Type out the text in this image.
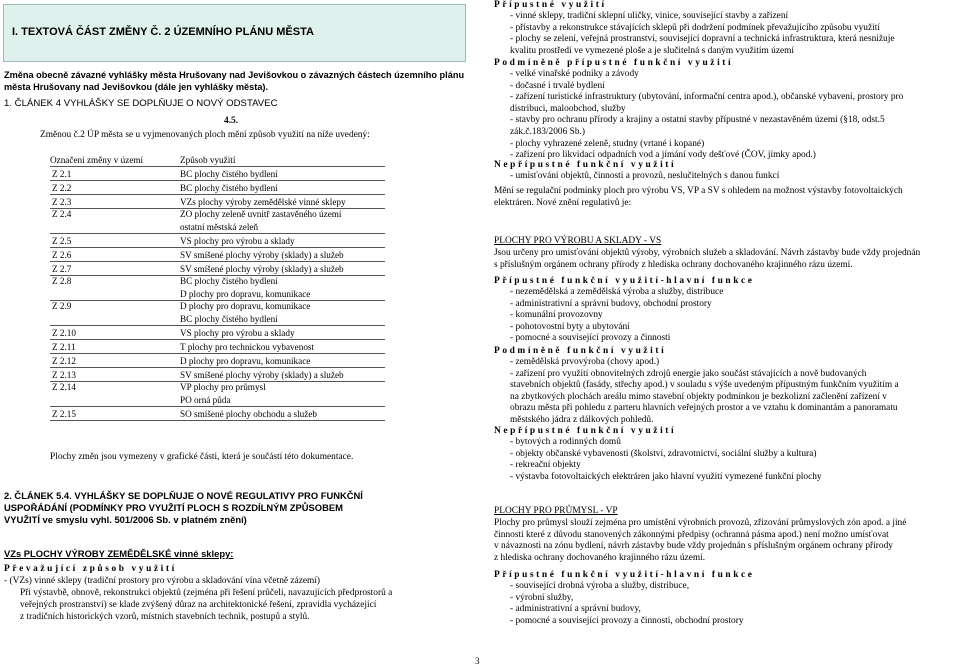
I. TEXTOVÁ ČÁST ZMĚNY Č. 2 ÚZEMNÍHO PLÁNU MĚSTA
Změna obecně závazné vyhlášky města Hrušovany nad Jevišovkou o závazných částech územního plánu
města Hrušovany nad Jevišovkou (dále jen vyhlášky města).
1. ČLÁNEK 4 VYHLÁŠKY SE DOPLŇUJE O NOVÝ ODSTAVEC
4.5.
Změnou č.2 ÚP města se u vyjmenovaných ploch mění způsob využití na níže uvedený:
Označení změny v území	Způsob využití
Z 2.1	BC plochy čistého bydlení
Z 2.2	BC plochy čistého bydlení
Z 2.3	VZs plochy výroby zemědělské vinné sklepy
Z 2.4	ZO plochy zeleně uvnitř zastavěného území
	ostatní městská zeleň
Z 2.5	VS plochy pro výrobu a sklady
Z 2.6	SV smíšené plochy výroby (sklady) a služeb
Z 2.7	SV smíšené plochy výroby (sklady) a služeb
Z 2.8	BC plochy čistého bydlení
	D plochy pro dopravu, komunikace
Z 2.9	D plochy pro dopravu, komunikace
	BC plochy čistého bydlení
Z 2.10	VS plochy pro výrobu a sklady
Z 2.11	T plochy pro technickou vybavenost
Z 2.12	D plochy pro dopravu, komunikace
Z 2.13	SV smíšené plochy výroby (sklady) a služeb
Z 2.14	VP plochy pro průmysl
	PO orná půda
Z 2.15	SO smíšené plochy obchodu a služeb
Plochy změn jsou vymezeny v grafické části, která je součástí této dokumentace.
2. ČLÁNEK 5.4. VYHLÁŠKY SE DOPLŇUJE O NOVÉ REGULATIVY PRO FUNKČNÍ
USPOŘÁDÁNÍ (PODMÍNKY PRO VYUŽITÍ PLOCH S ROZDÍLNÝM ZPŮSOBEM
VYUŽITÍ ve smyslu vyhl. 501/2006 Sb. v platném znění)
VZs PLOCHY VÝROBY ZEMĚDĚLSKÉ vinné sklepy:
Převažující způsob využití
- (VZs) vinné sklepy (tradiční prostory pro výrobu a skladování vína včetně zázemí)
Při výstavbě, obnově, rekonstrukci objektů (zejména při řešení průčelí, navazujících předprostorů a
veřejných prostranství) se klade zvýšený důraz na architektonické řešení, zpravidla vycházející
z tradičních historických vzorů, místních stavebních technik, postupů a stylů.
Přípustné využití
- vinné sklepy, tradiční sklepní uličky, vinice, související stavby a zařízení
- přístavby a rekonstrukce stávajících sklepů při dodržení podmínek převažujícího způsobu využití
- plochy se zelení, veřejná prostranství, související dopravní a technická infrastruktura, která nesnižuje
kvalitu prostředí ve vymezené ploše a je slučitelná s daným využitím území
Podmíněně přípustné funkční využití
- velké vinařské podniky a závody
- dočasné i trvalé bydlení
- zařízení turistické infrastruktury (ubytování, informační centra apod.), občanské vybavení, prostory pro
distribuci, maloobchod, služby
- stavby pro ochranu přírody a krajiny a ostatní stavby přípustné v nezastavěném území (§18, odst.5
zák.č.183/2006 Sb.)
- plochy vyhrazené zeleně, studny (vrtané i kopané)
- zařízení pro likvidaci odpadních vod a jímání vody dešťové (ČOV, jímky apod.)
Nepřípustné funkční využití
- umisťování objektů, činností a provozů, neslučitelných s danou funkcí
Mění se regulační podmínky ploch pro výrobu VS, VP a SV s ohledem na možnost výstavby fotovoltaických
elektráren. Nové znění regulativů je:
PLOCHY PRO VÝROBU A SKLADY - VS
Jsou určeny pro umisťování objektů výroby, výrobních služeb a skladování. Návrh zástavby bude vždy projednán
s příslušným orgánem ochrany přírody z hlediska ochrany dochovaného krajinného rázu území.
Přípustné funkční využití-hlavní funkce
- nezemědělská a zemědělská výroba a služby, distribuce
- administrativní a správní budovy, obchodní prostory
- komunální provozovny
- pohotovostní byty a ubytování
- pomocné a související provozy a činnosti
Podmíněně funkční využití
- zemědělská prvovýroba (chovy apod.)
- zařízení pro využití obnovitelných zdrojů energie jako součást stávajících a nově budovaných
stavebních objektů (fasády, střechy apod.) v souladu s výše uvedeným přípustným funkčním využitím a
na zbytkových plochách areálu mimo stavební objekty podmínkou je bezkolizní začlenění zařízení v
obrazu města při pohledu z parteru hlavních veřejných prostor a ve vztahu k dominantám a panoramatu
městského jádra z dálkových pohledů.
Nepřípustné funkční využití
- bytových a rodinných domů
- objekty občanské vybavenosti (školství, zdravotnictví, sociální služby a kultura)
- rekreační objekty
- výstavba fotovoltaických elektráren jako hlavní využití vymezené funkční plochy
PLOCHY PRO PRŮMYSL - VP
Plochy pro průmysl slouží zejména pro umístění výrobních provozů, zřizování průmyslových zón apod. a jiné
činnosti které z důvodu stanovených zákonnými předpisy (ochranná pásma apod.) není možno umísťovat
v návaznosti na zónu bydlení, návrh zástavby bude vždy projednán s příslušným orgánem ochrany přírody
z hlediska ochrany dochovaného krajinného rázu území.
Přípustné funkční využití-hlavní funkce
- související drobná výroba a služby, distribuce,
- výrobní služby,
- administrativní a správní budovy,
- pomocné a související provozy a činnosti, obchodní prostory
3
